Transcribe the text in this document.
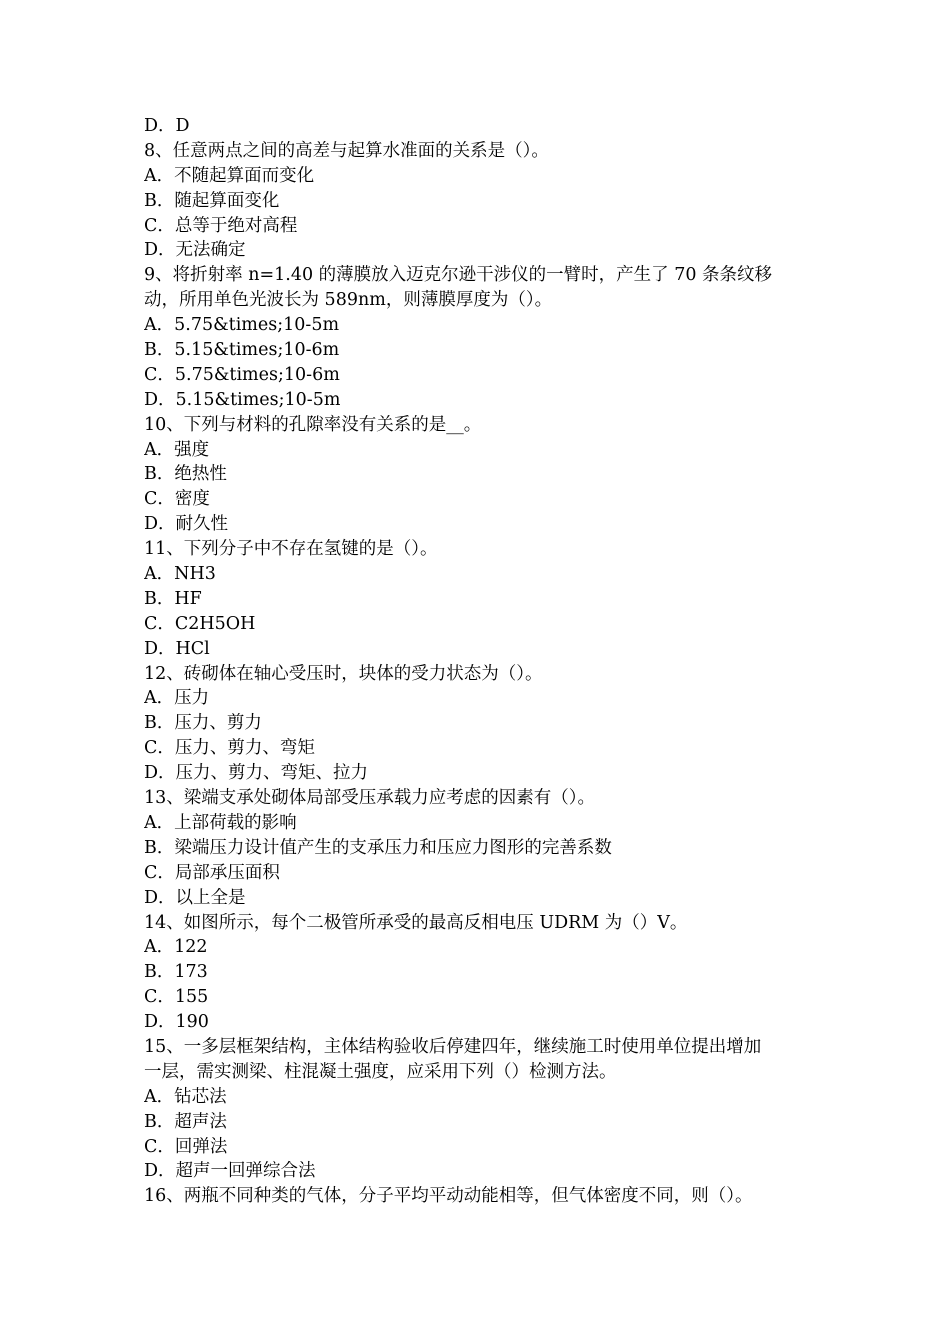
D．D
8、任意两点之间的高差与起算水准面的关系是（）。
A．不随起算面而变化
B．随起算面变化
C．总等于绝对高程
D．无法确定
9、将折射率 n=1.40 的薄膜放入迈克尔逊干涉仪的一臂时，产生了 70 条条纹移
动，所用单色光波长为 589nm，则薄膜厚度为（）。
A．5.75&times;10-5m
B．5.15&times;10-6m
C．5.75&times;10-6m
D．5.15&times;10-5m
10、下列与材料的孔隙率没有关系的是__。
A．强度
B．绝热性
C．密度
D．耐久性
11、下列分子中不存在氢键的是（）。
A．NH3
B．HF
C．C2H5OH
D．HCl
12、砖砌体在轴心受压时，块体的受力状态为（）。
A．压力
B．压力、剪力
C．压力、剪力、弯矩
D．压力、剪力、弯矩、拉力
13、梁端支承处砌体局部受压承载力应考虑的因素有（）。
A．上部荷载的影响
B．梁端压力设计值产生的支承压力和压应力图形的完善系数
C．局部承压面积
D．以上全是
14、如图所示，每个二极管所承受的最高反相电压 UDRM 为（）V。
A．122
B．173
C．155
D．190
15、一多层框架结构，主体结构验收后停建四年，继续施工时使用单位提出增加
一层，需实测梁、柱混凝土强度，应采用下列（）检测方法。
A．钻芯法
B．超声法
C．回弹法
D．超声一回弹综合法
16、两瓶不同种类的气体，分子平均平动动能相等，但气体密度不同，则（）。
